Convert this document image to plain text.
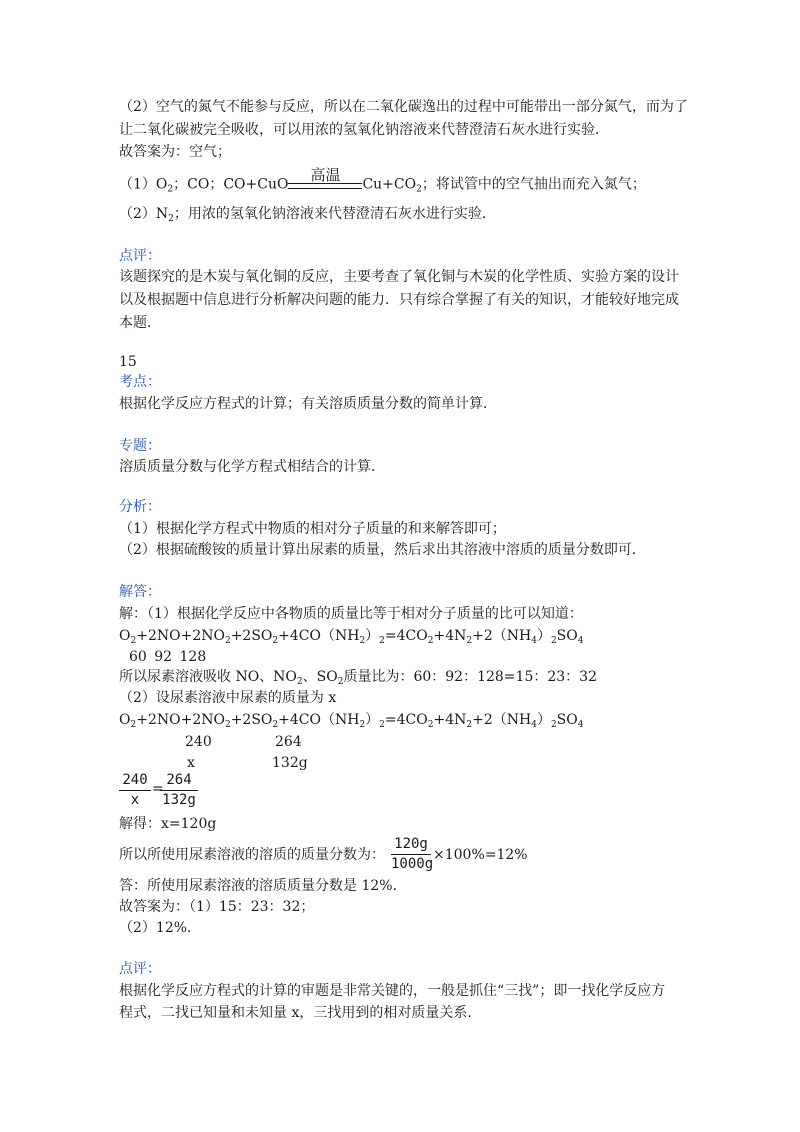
（2）空气的氮气不能参与反应，所以在二氧化碳逸出的过程中可能带出一部分氮气，而为了
让二氧化碳被完全吸收，可以用浓的氢氧化钠溶液来代替澄清石灰水进行实验．
故答案为：空气；
$(1)O_2$；CO；CO+CuO
高温
$Cu+CO_2$；将试管中的空气抽出而充入氮气；
$(2)N_2$；用浓的氢氧化钠溶液来代替澄清石灰水进行实验．
点评：
该题探究的是木炭与氧化铜的反应，主要考查了氧化铜与木炭的化学性质、实验方案的设计
以及根据题中信息进行分析解决问题的能力．只有综合掌握了有关的知识，才能较好地完成
本题．
15
考点：
根据化学反应方程式的计算；有关溶质质量分数的简单计算．
专题：
溶质质量分数与化学方程式相结合的计算．
分析：
（1）根据化学方程式中物质的相对分子质量的和来解答即可；
（2）根据硫酸铵的质量计算出尿素的质量，然后求出其溶液中溶质的质量分数即可．
解答：
解：（1）根据化学反应中各物质的质量比等于相对分子质量的比可以知道：
$O_2+2NO+2NO_2+2SO_2+4CO(NH_2)_2=4CO_2+4N_2+2(NH_4)_2SO_4$
60 92 128
所以尿素溶液吸收 NO、$NO_2$、$SO_2$质量比为：60：92：128=15：23：32
（2）设尿素溶液中尿素的质量为 x
$O_2+2NO+2NO_2+2SO_2+4CO(NH_2)_2=4CO_2+4N_2+2(NH_4)_2SO_4$
240	264
x	132g
240
x
=
264
132g
解得：x=120g
所以所使用尿素溶液的溶质的质量分数为：
120g
1000g
×100%=12%
答：所使用尿素溶液的溶质质量分数是 12%．
故答案为：（1）15：23：32；
（2）12%．
点评：
根据化学反应方程式的计算的审题是非常关键的，一般是抓住“三找”；即一找化学反应方
程式，二找已知量和未知量 x，三找用到的相对质量关系．
